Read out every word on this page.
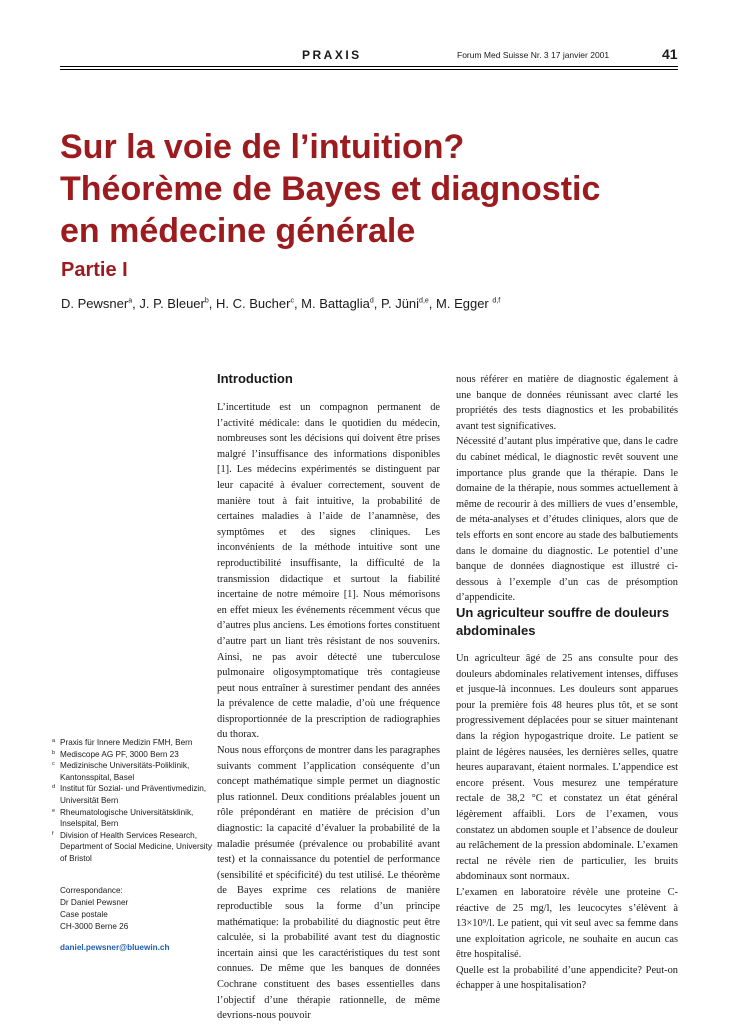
PRAXIS	Forum Med Suisse Nr. 3 17 janvier 2001	41
Sur la voie de l’intuition?
Théorème de Bayes et diagnostic
en médecine générale
Partie I
D. Pewsner$^a$, J. P. Bleuer$^b$, H. C. Bucher$^c$, M. Battaglia$^d$, P. Jüni$^{d,e}$, M. Egger $^{d,f}$
Introduction

L’incertitude est un compagnon permanent de l’activité médicale: dans le quotidien du médecin, nombreuses sont les décisions qui doivent être prises malgré l’insuffisance des informations disponibles [1]. Les médecins expérimentés se distinguent par leur capacité à évaluer correctement, souvent de manière tout à fait intuitive, la probabilité de certaines maladies à l’aide de l’anamnèse, des symptômes et des signes cliniques. Les inconvénients de la méthode intuitive sont une reproductibilité insuffisante, la difficulté de la transmission didactique et surtout la fiabilité incertaine de notre mémoire [1]. Nous mémorisons en effet mieux les événements récemment vécus que d’autres plus anciens. Les émotions fortes constituent d’autre part un liant très résistant de nos souvenirs. Ainsi, ne pas avoir détecté une tuberculose pulmonaire oligosymptomatique très contagieuse peut nous entraîner à surestimer pendant des années la prévalence de cette maladie, d’où une fréquence disproportionnée de la prescription de radiographies du thorax.

Nous nous efforçons de montrer dans les paragraphes suivants comment l’application conséquente d’un concept mathématique simple permet un diagnostic plus rationnel. Deux conditions préalables jouent un rôle prépondérant en matière de précision d’un diagnostic: la capacité d’évaluer la probabilité de la maladie présumée (prévalence ou probabilité avant test) et la connaissance du potentiel de performance (sensibilité et spécificité) du test utilisé. Le théorème de Bayes exprime ces relations de manière reproductible sous la forme d’un principe mathématique: la probabilité du diagnostic peut être calculée, si la probabilité avant test du diagnostic incertain ainsi que les caractéristiques du test sont connues. De même que les banques de données Cochrane constituent des bases essentielles dans l’objectif d’une thérapie rationnelle, de même devrions-nous pouvoir

nous référer en matière de diagnostic également à une banque de données réunissant avec clarté les propriétés des tests diagnostics et les probabilités avant test significatives.

Nécessité d’autant plus impérative que, dans le cadre du cabinet médical, le diagnostic revêt souvent une importance plus grande que la thérapie. Dans le domaine de la thérapie, nous sommes actuellement à même de recourir à des milliers de vues d’ensemble, de méta-analyses et d’études cliniques, alors que de tels efforts en sont encore au stade des balbutiements dans le domaine du diagnostic. Le potentiel d’une banque de données diagnostique est illustré ci-dessous à l’exemple d’un cas de présomption d’appendicite.

Un agriculteur souffre de douleurs abdominales

Un agriculteur âgé de 25 ans consulte pour des douleurs abdominales relativement intenses, diffuses et jusque-là inconnues. Les douleurs sont apparues pour la première fois 48 heures plus tôt, et se sont progressivement déplacées pour se situer maintenant dans la région hypogastrique droite. Le patient se plaint de légères nausées, les dernières selles, quatre heures auparavant, étaient normales. L’appendice est encore présent. Vous mesurez une température rectale de 38,2 °C et constatez un état général légèrement affaibli. Lors de l’examen, vous constatez un abdomen souple et l’absence de douleur au relâchement de la pression abdominale. L’examen rectal ne révèle rien de particulier, les bruits abdominaux sont normaux.

L’examen en laboratoire révèle une proteine C-réactive de 25 mg/l, les leucocytes s’élèvent à 13×10⁹/l. Le patient, qui vit seul avec sa femme dans une exploitation agricole, ne souhaite en aucun cas être hospitalisé.

Quelle est la probabilité d’une appendicite? Peut-on échapper à une hospitalisation?

a Praxis für Innere Medizin FMH, Bern
b Mediscope AG PF, 3000 Bern 23
c Medizinische Universitäts-Poliklinik, Kantonsspital, Basel
d Institut für Sozial- und Präventivmedizin, Universität Bern
e Rheumatologische Universitätsklinik, Inselspital, Bern
f Division of Health Services Research, Department of Social Medicine, University of Bristol
Correspondance:
Dr Daniel Pewsner
Case postale
CH-3000 Berne 26
daniel.pewsner@bluewin.ch
